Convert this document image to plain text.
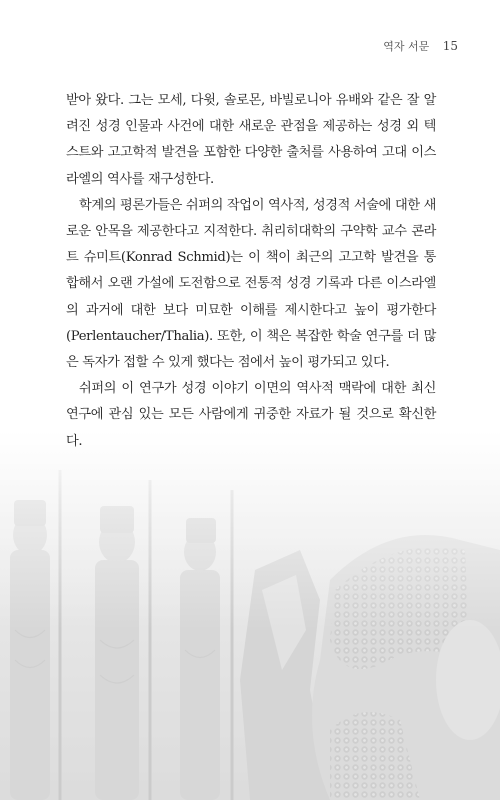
역자 서문 15

받아 왔다. 그는 모세, 다윗, 솔로몬, 바빌로니아 유배와 같은 잘 알려진 성경 인물과 사건에 대한 새로운 관점을 제공하는 성경 외 텍스트와 고고학적 발견을 포함한 다양한 출처를 사용하여 고대 이스라엘의 역사를 재구성한다.

학계의 평론가들은 쉬퍼의 작업이 역사적, 성경적 서술에 대한 새로운 안목을 제공한다고 지적한다. 취리히대학의 구약학 교수 콘라트 슈미트(Konrad Schmid)는 이 책이 최근의 고고학 발견을 통합해서 오랜 가설에 도전함으로 전통적 성경 기록과 다른 이스라엘의 과거에 대한 보다 미묘한 이해를 제시한다고 높이 평가한다(Perlentaucher/Thalia). 또한, 이 책은 복잡한 학술 연구를 더 많은 독자가 접할 수 있게 했다는 점에서 높이 평가되고 있다.

쉬퍼의 이 연구가 성경 이야기 이면의 역사적 맥락에 대한 최신 연구에 관심 있는 모든 사람에게 귀중한 자료가 될 것으로 확신한다.
